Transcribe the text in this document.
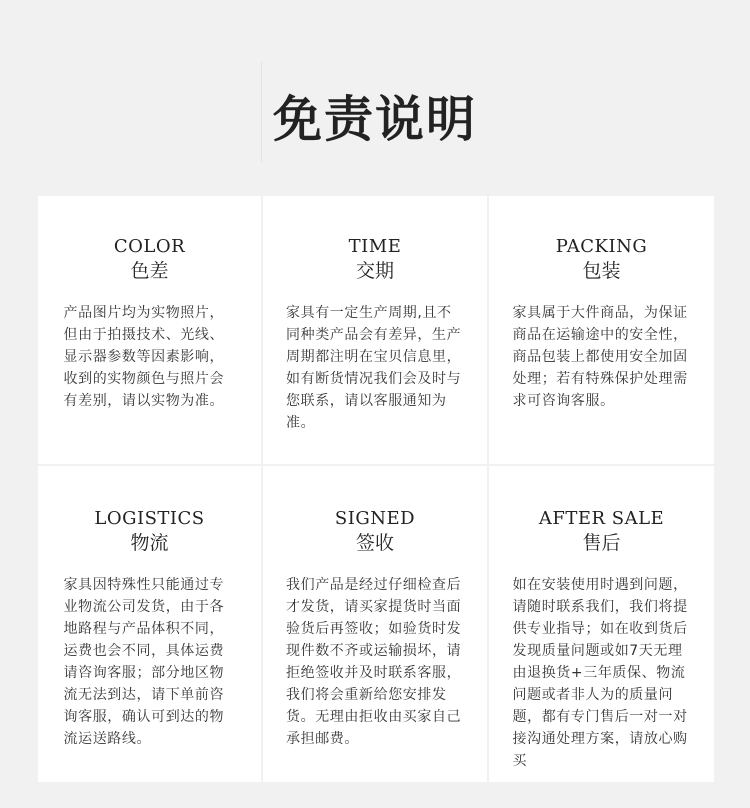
免责说明
COLOR
色差
产品图片均为实物照片，但由于拍摄技术、光线、显示器参数等因素影响，收到的实物颜色与照片会有差别，请以实物为准。
TIME
交期
家具有一定生产周期,且不同种类产品会有差异，生产周期都注明在宝贝信息里，如有断货情况我们会及时与您联系，请以客服通知为准。
PACKING
包装
家具属于大件商品，为保证商品在运输途中的安全性，商品包装上都使用安全加固处理；若有特殊保护处理需求可咨询客服。
LOGISTICS
物流
家具因特殊性只能通过专业物流公司发货，由于各地路程与产品体积不同，运费也会不同，具体运费请咨询客服；部分地区物流无法到达，请下单前咨询客服，确认可到达的物流运送路线。
SIGNED
签收
我们产品是经过仔细检查后才发货，请买家提货时当面验货后再签收；如验货时发现件数不齐或运输损坏，请拒绝签收并及时联系客服，我们将会重新给您安排发货。无理由拒收由买家自己承担邮费。
AFTER SALE
售后
如在安装使用时遇到问题，请随时联系我们，我们将提供专业指导；如在收到货后发现质量问题或如7天无理由退换货+三年质保、物流问题或者非人为的质量问题，都有专门售后一对一对接沟通处理方案，请放心购买
